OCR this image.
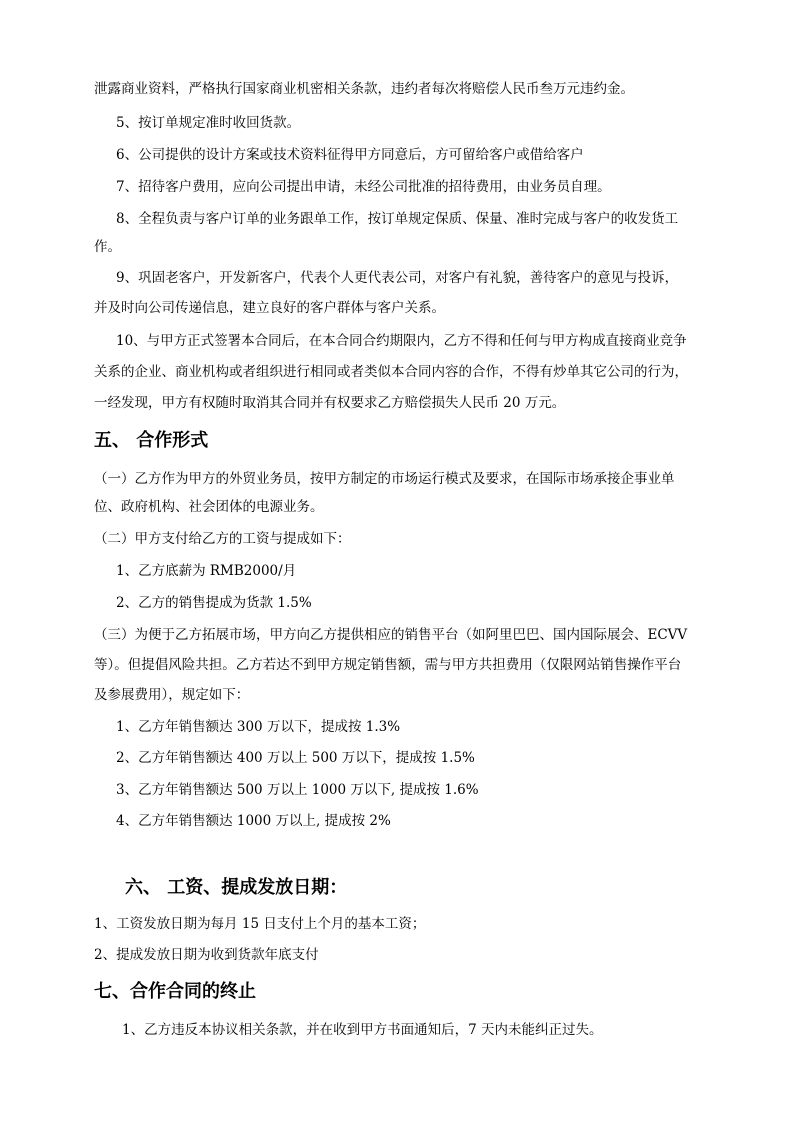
泄露商业资料，严格执行国家商业机密相关条款，违约者每次将赔偿人民币叁万元违约金。
5、按订单规定准时收回货款。
6、公司提供的设计方案或技术资料征得甲方同意后，方可留给客户或借给客户
7、招待客户费用，应向公司提出申请，未经公司批准的招待费用，由业务员自理。
8、全程负责与客户订单的业务跟单工作，按订单规定保质、保量、准时完成与客户的收发货工
作。
9、巩固老客户，开发新客户，代表个人更代表公司，对客户有礼貌，善待客户的意见与投诉，
并及时向公司传递信息，建立良好的客户群体与客户关系。
10、与甲方正式签署本合同后，在本合同合约期限内，乙方不得和任何与甲方构成直接商业竞争
关系的企业、商业机构或者组织进行相同或者类似本合同内容的合作，不得有炒单其它公司的行为，
一经发现，甲方有权随时取消其合同并有权要求乙方赔偿损失人民币 20 万元。
五、 合作形式
（一）乙方作为甲方的外贸业务员，按甲方制定的市场运行模式及要求，在国际市场承接企事业单
位、政府机构、社会团体的电源业务。
（二）甲方支付给乙方的工资与提成如下：
1、乙方底薪为 RMB2000/月
2、乙方的销售提成为货款 1.5%
（三）为便于乙方拓展市场，甲方向乙方提供相应的销售平台（如阿里巴巴、国内国际展会、ECVV
等）。但提倡风险共担。乙方若达不到甲方规定销售额，需与甲方共担费用（仅限网站销售操作平台
及参展费用），规定如下：
1、乙方年销售额达 300 万以下，提成按 1.3%
2、乙方年销售额达 400 万以上 500 万以下，提成按 1.5%
3、乙方年销售额达 500 万以上 1000 万以下, 提成按 1.6%
4、乙方年销售额达 1000 万以上, 提成按 2%
六、 工资、提成发放日期：
1、工资发放日期为每月 15 日支付上个月的基本工资；
2、提成发放日期为收到货款年底支付
七、合作合同的终止
1、乙方违反本协议相关条款，并在收到甲方书面通知后，7 天内未能纠正过失。
